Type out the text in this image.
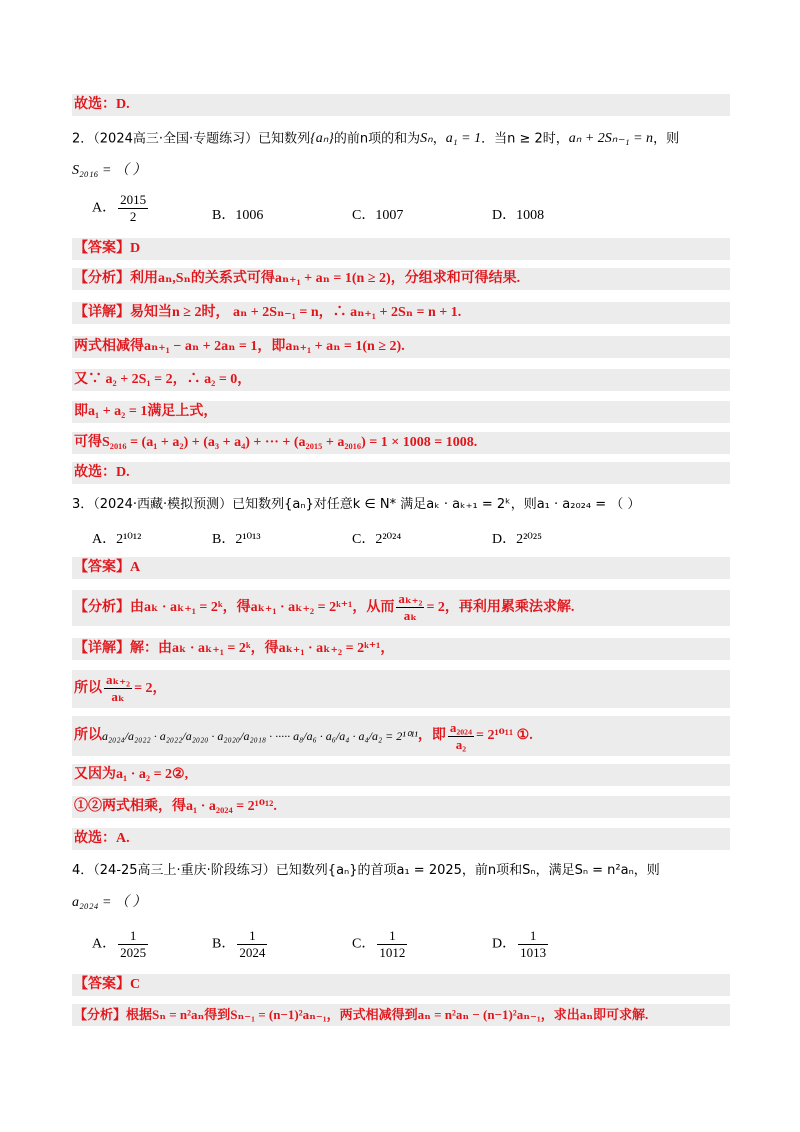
故选：D.
2．（2024高三·全国·专题练习）已知数列{aₙ}的前n项的和为Sₙ，a₁ = 1．当n ≥ 2时，aₙ + 2Sₙ₋₁ = n，则
S₂₀₁₆ = （ ）
A． $\frac{2015}{2}$	B．1006	C．1007	D．1008
【答案】D
【分析】利用aₙ,Sₙ的关系式可得aₙ₊₁ + aₙ = 1(n ≥ 2)，分组求和可得结果.
【详解】易知当n ≥ 2时， aₙ + 2Sₙ₋₁ = n，∴ aₙ₊₁ + 2Sₙ = n + 1.
两式相减得aₙ₊₁ − aₙ + 2aₙ = 1，即aₙ₊₁ + aₙ = 1(n ≥ 2).
又∵ a₂ + 2S₁ = 2，∴ a₂ = 0，
即a₁ + a₂ = 1满足上式，
可得S₂₀₁₆ = (a₁ + a₂) + (a₃ + a₄) + ··· + (a₂₀₁₅ + a₂₀₁₆) = 1 × 1008 = 1008.
故选：D.
3．（2024·西藏·模拟预测）已知数列{aₙ}对任意k ∈ N* 满足aₖ · aₖ₊₁ = 2ᵏ，则a₁ · a₂₀₂₄ = （ ）
A．2¹⁰¹²	B．2¹⁰¹³	C．2²⁰²⁴	D．2²⁰²⁵
【答案】A
【分析】由aₖ · aₖ₊₁ = 2ᵏ，得aₖ₊₁ · aₖ₊₂ = 2ᵏ⁺¹，从而 $\frac{\text{aₖ₊₂}}{\text{aₖ}} = 2$，再利用累乘法求解.
【详解】解：由aₖ · aₖ₊₁ = 2ᵏ，得aₖ₊₁ · aₖ₊₂ = 2ᵏ⁺¹，
所以 $\frac{\text{aₖ₊₂}}{\text{aₖ}} = 2$，
所以a₂₀₂₄/a₂₀₂₂ · a₂₀₂₂/a₂₀₂₀ · a₂₀₂₀/a₂₀₁₈ · ····· a₈/a₆ · a₆/a₄ · a₄/a₂ = 2¹⁰¹¹，即 $\frac{\text{a₂₀₂₄}}{\text{a₂}} = 2^{1011}$ ①.
又因为a₁ · a₂ = 2②,
①②两式相乘，得a₁ · a₂₀₂₄ = 2¹⁰¹².
故选：A.
4．（24-25高三上·重庆·阶段练习）已知数列{aₙ}的首项a₁ = 2025，前n项和Sₙ，满足Sₙ = n²aₙ，则
a₂₀₂₄ = （ ）
A． $\frac{1}{2025}$	B． $\frac{1}{2024}$	C． $\frac{1}{1012}$	D． $\frac{1}{1013}$
【答案】C
【分析】根据Sₙ = n²aₙ得到Sₙ₋₁ = (n−1)²aₙ₋₁，两式相减得到aₙ = n²aₙ − (n−1)²aₙ₋₁，求出aₙ即可求解.
